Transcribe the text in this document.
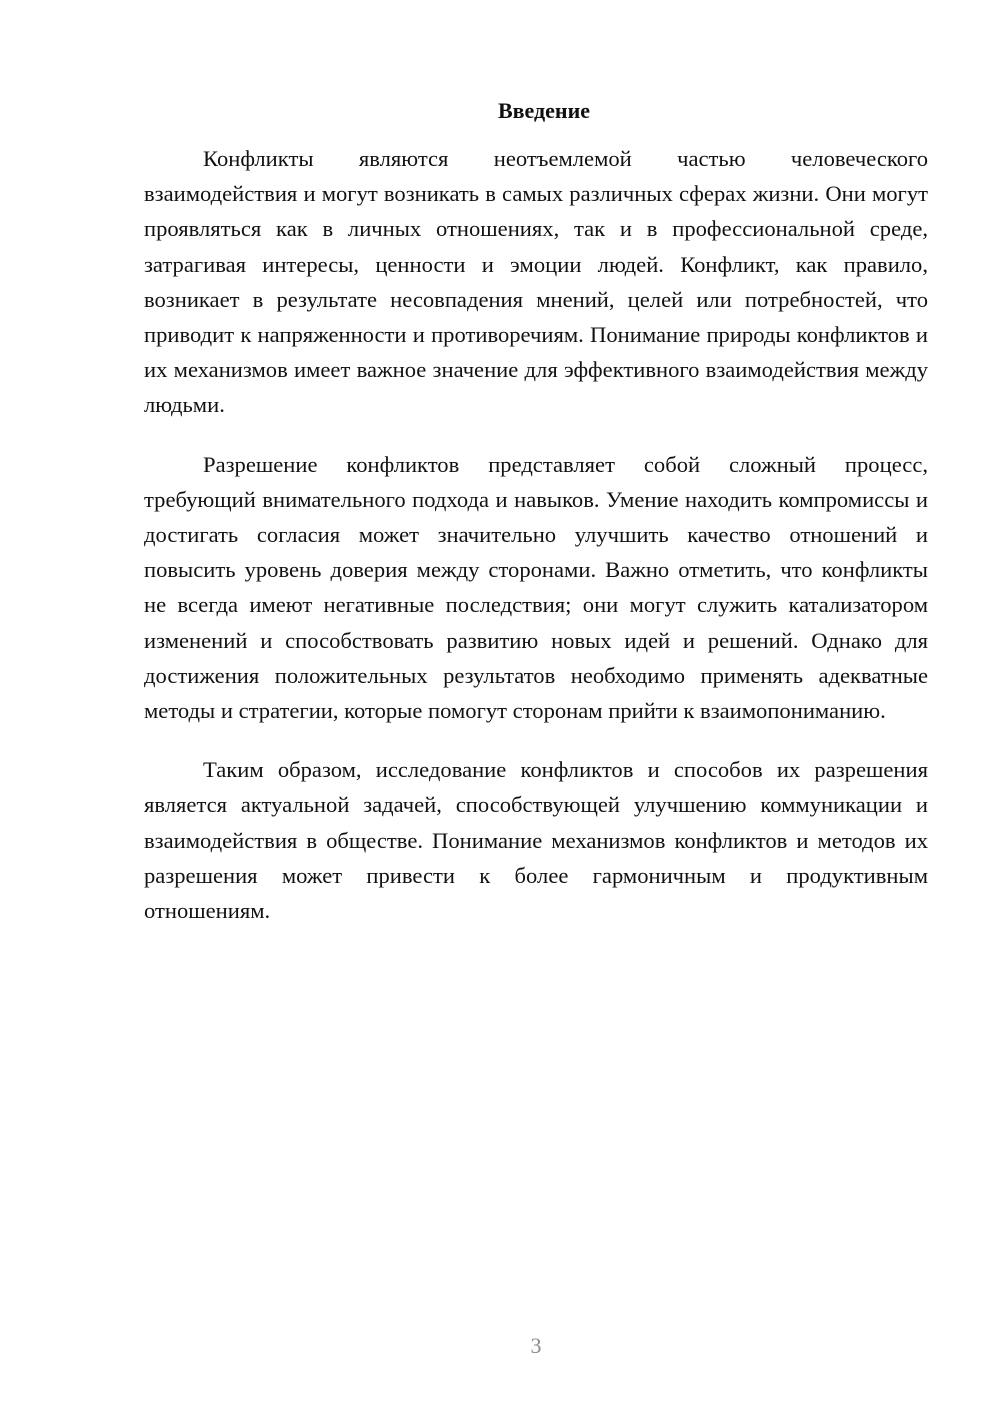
Введение

Конфликты являются неотъемлемой частью человеческого взаимодействия и могут возникать в самых различных сферах жизни. Они могут проявляться как в личных отношениях, так и в профессиональной среде, затрагивая интересы, ценности и эмоции людей. Конфликт, как правило, возникает в результате несовпадения мнений, целей или потребностей, что приводит к напряженности и противоречиям. Понимание природы конфликтов и их механизмов имеет важное значение для эффективного взаимодействия между людьми.

Разрешение конфликтов представляет собой сложный процесс, требующий внимательного подхода и навыков. Умение находить компромиссы и достигать согласия может значительно улучшить качество отношений и повысить уровень доверия между сторонами. Важно отметить, что конфликты не всегда имеют негативные последствия; они могут служить катализатором изменений и способствовать развитию новых идей и решений. Однако для достижения положительных результатов необходимо применять адекватные методы и стратегии, которые помогут сторонам прийти к взаимопониманию.

Таким образом, исследование конфликтов и способов их разрешения является актуальной задачей, способствующей улучшению коммуникации и взаимодействия в обществе. Понимание механизмов конфликтов и методов их разрешения может привести к более гармоничным и продуктивным отношениям.

3
